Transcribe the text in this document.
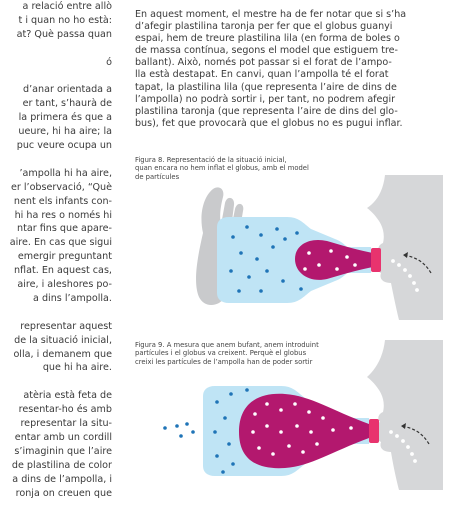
a relació entre allò
t i quan no ho està:
at? Què passa quan
ó
d’anar orientada a
er tant, s’haurà de
la primera és que a
ueure, hi ha aire; la
puc veure ocupa un
’ampolla hi ha aire,
er l’observació, “Què
nent els infants con-
hi ha res o només hi
ntar fins que apare-
aire. En cas que sigui
emergir preguntant
nflat. En aquest cas,
aire, i aleshores po-
a dins l’ampolla.
representar aquest
de la situació inicial,
olla, i demanem que
que hi ha aire.
atèria està feta de
resentar-ho és amb
representar la situ-
entar amb un cordill
s’imaginin que l’aire
de plastilina de color
a dins de l’ampolla, i
ronja on creuen que
En aquest moment, el mestre ha de fer notar que si s’ha
d’afegir plastilina taronja per fer que el globus guanyi
espai, hem de treure plastilina lila (en forma de boles o
de massa contínua, segons el model que estiguem tre-
ballant). Això, només pot passar si el forat de l’ampo-
lla està destapat. En canvi, quan l’ampolla té el forat
tapat, la plastilina lila (que representa l’aire de dins de
l’ampolla) no podrà sortir i, per tant, no podrem afegir
plastilina taronja (que representa l’aire de dins del glo-
bus), fet que provocarà que el globus no es pugui inflar.
Figura 8. Representació de la situació inicial,
quan encara no hem inflat el globus, amb el model
de partícules
Figura 9. A mesura que anem bufant, anem introduint
partícules i el globus va creixent. Perquè el globus
creixi les partícules de l’ampolla han de poder sortir
